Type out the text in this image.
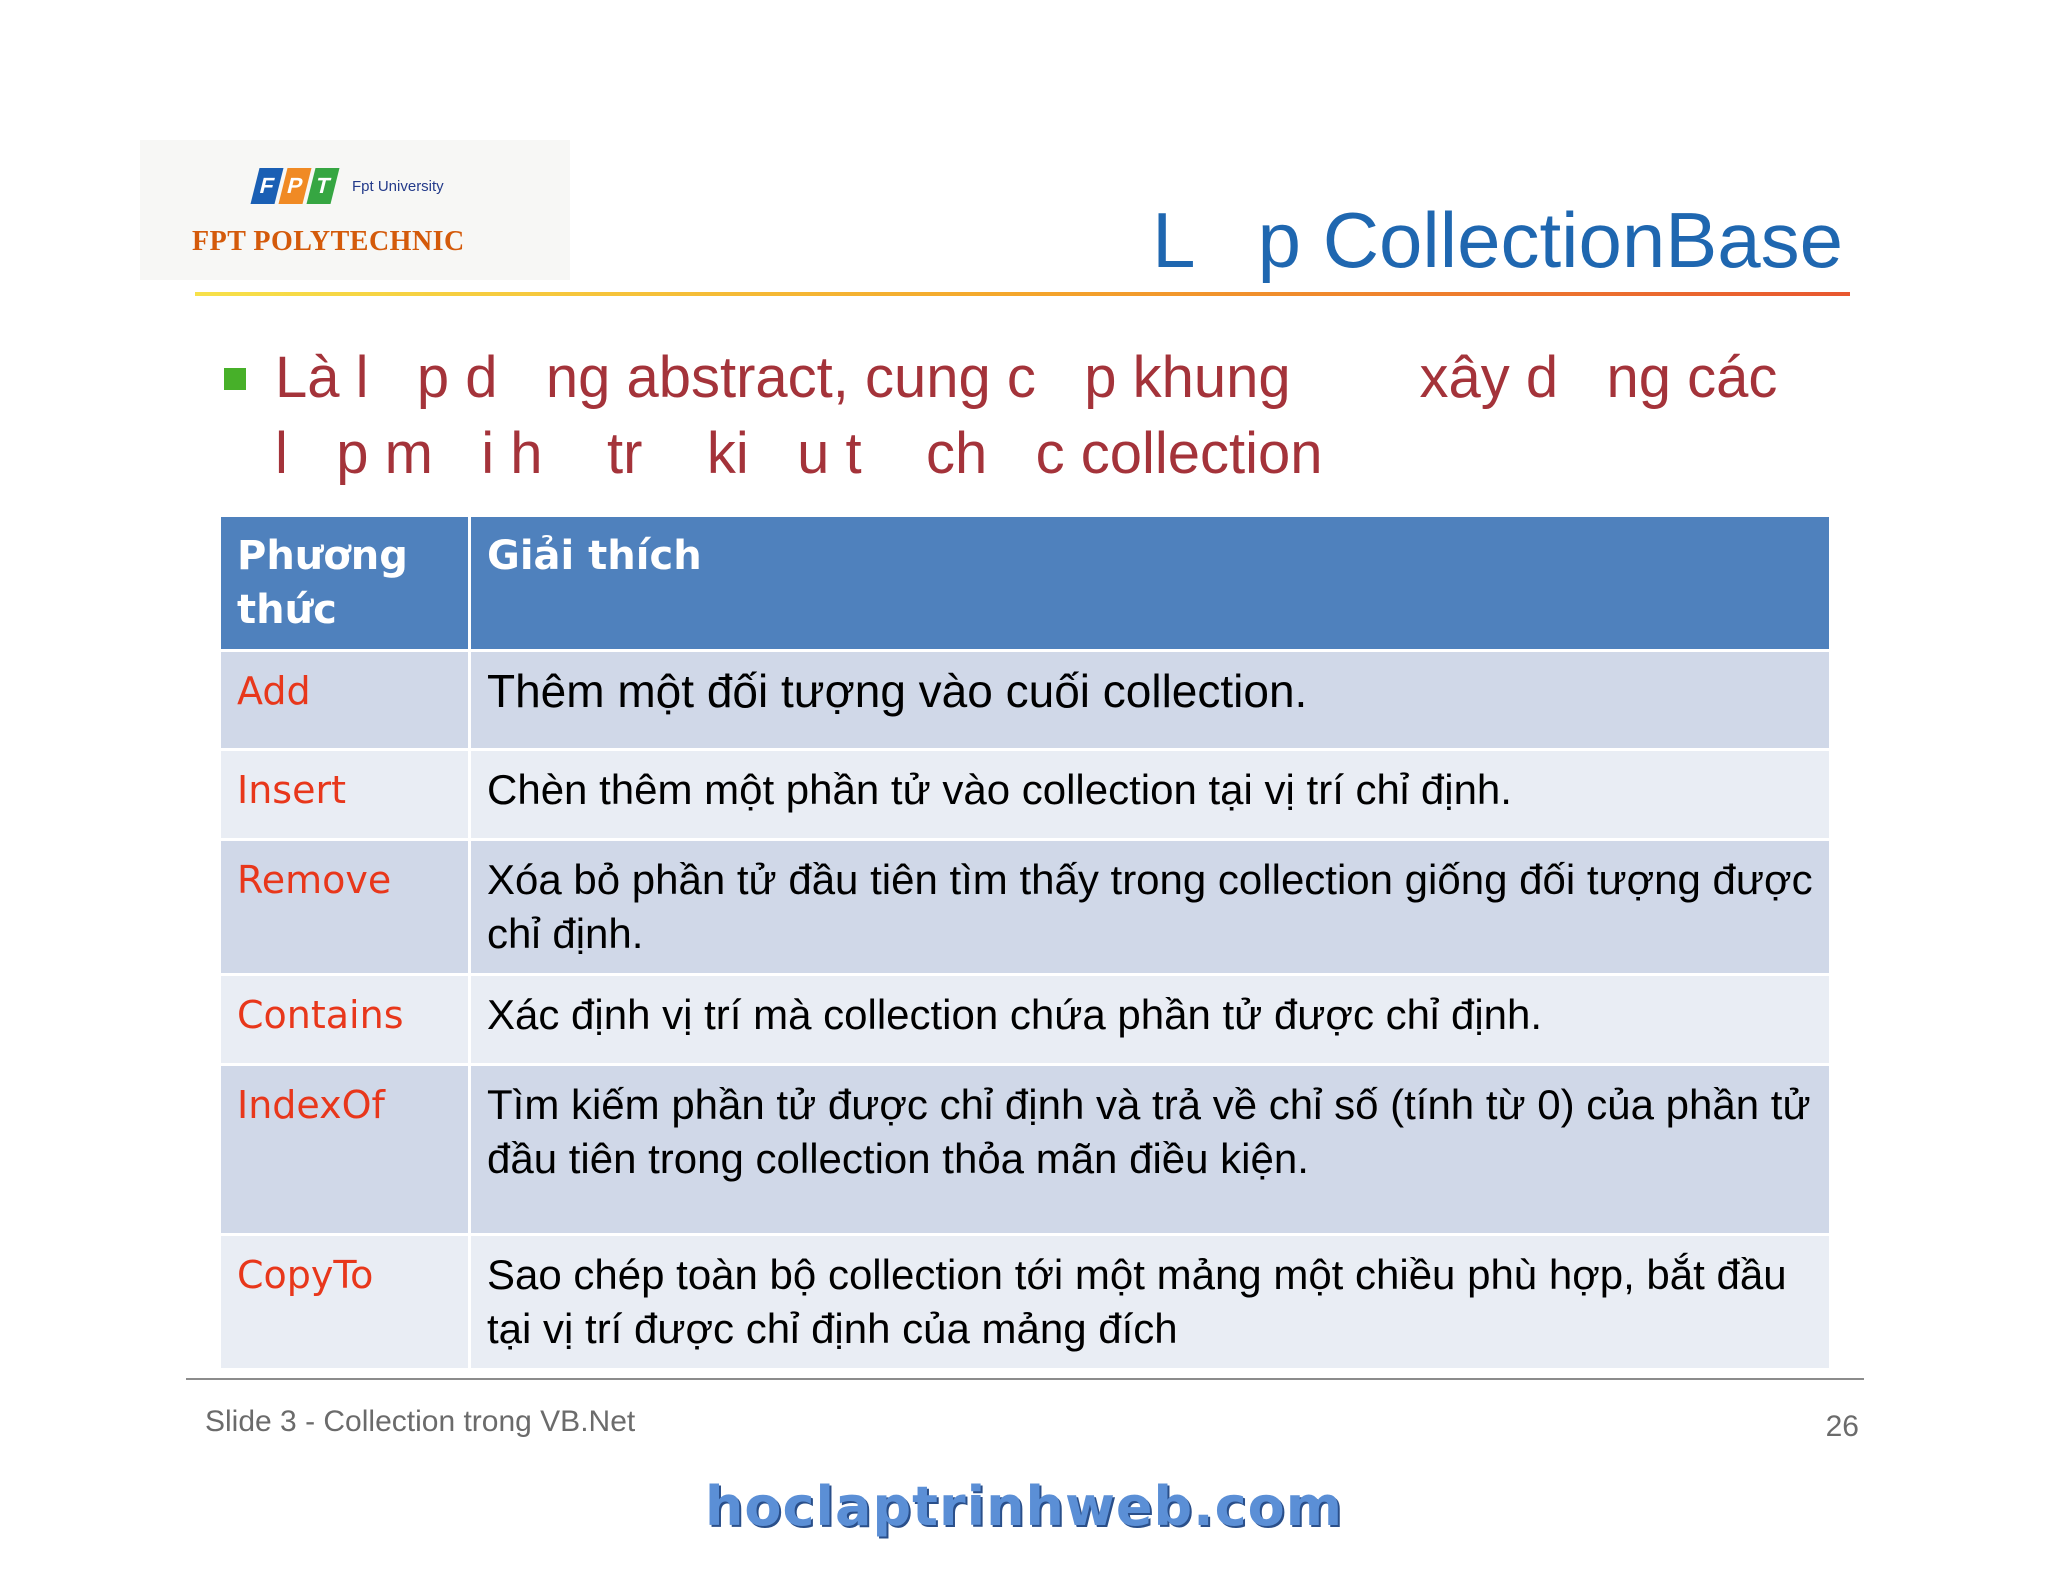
F P T	Fpt University
FPT POLYTECHNIC	L   p CollectionBase
Là l   p d   ng abstract, cung c   p khung        xây d   ng các
l   p m   i h    tr    ki   u t    ch   c collection
Phương
thức	Giải thích
Add	Thêm một đối tượng vào cuối collection.
Insert	Chèn thêm một phần tử vào collection tại vị trí chỉ định.
Remove	Xóa bỏ phần tử đầu tiên tìm thấy trong collection giống đối tượng được chỉ định.
Contains	Xác định vị trí mà collection chứa phần tử được chỉ định.
IndexOf	Tìm kiếm phần tử được chỉ định và trả về chỉ số (tính từ 0) của phần tử đầu tiên trong collection thỏa mãn điều kiện.
CopyTo	Sao chép toàn bộ collection tới một mảng một chiều phù hợp, bắt đầu tại vị trí được chỉ định của mảng đích
Slide 3 - Collection trong VB.Net	26
hoclaptrinhweb.com
